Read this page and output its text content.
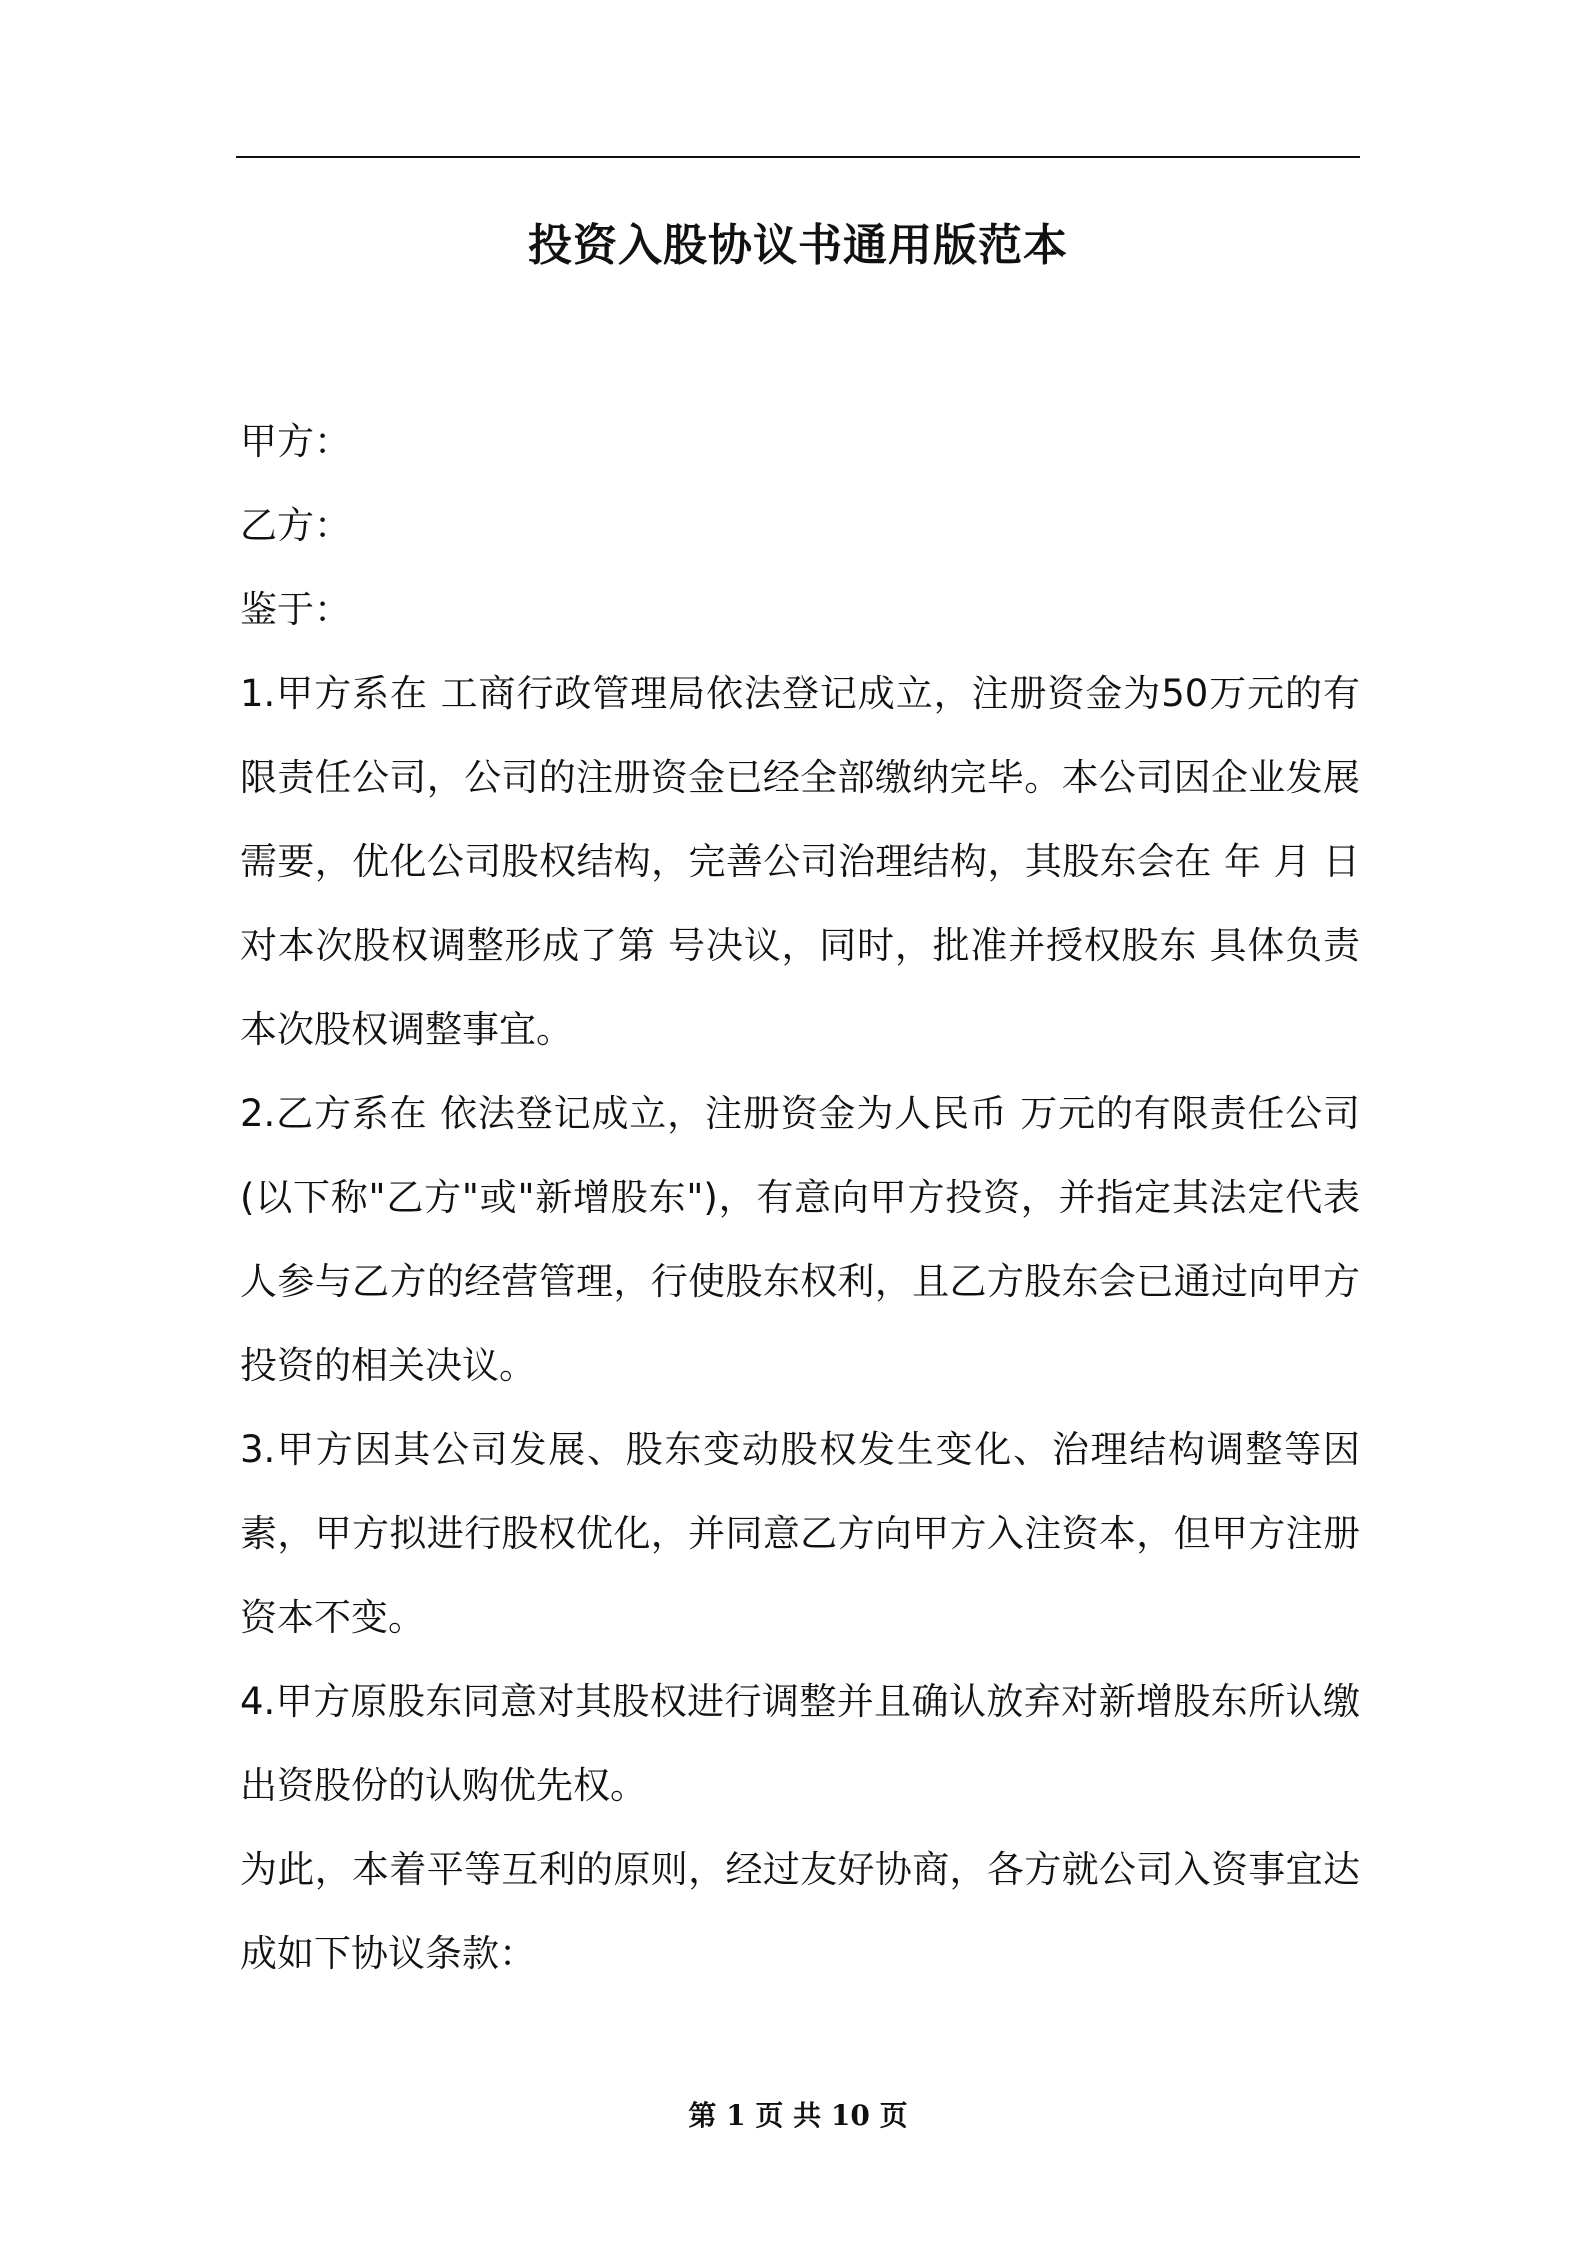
投资入股协议书通用版范本

甲方：

乙方：

鉴于：

1.甲方系在 工商行政管理局依法登记成立，注册资金为50万元的有限责任公司，公司的注册资金已经全部缴纳完毕。本公司因企业发展需要，优化公司股权结构，完善公司治理结构，其股东会在 年 月 日对本次股权调整形成了第 号决议，同时，批准并授权股东 具体负责本次股权调整事宜。

2.乙方系在 依法登记成立，注册资金为人民币 万元的有限责任公司(以下称"乙方"或"新增股东")，有意向甲方投资，并指定其法定代表人参与乙方的经营管理，行使股东权利，且乙方股东会已通过向甲方投资的相关决议。

3.甲方因其公司发展、股东变动股权发生变化、治理结构调整等因素，甲方拟进行股权优化，并同意乙方向甲方入注资本，但甲方注册资本不变。

4.甲方原股东同意对其股权进行调整并且确认放弃对新增股东所认缴出资股份的认购优先权。

为此，本着平等互利的原则，经过友好协商，各方就公司入资事宜达成如下协议条款：

第 1 页 共 10 页
